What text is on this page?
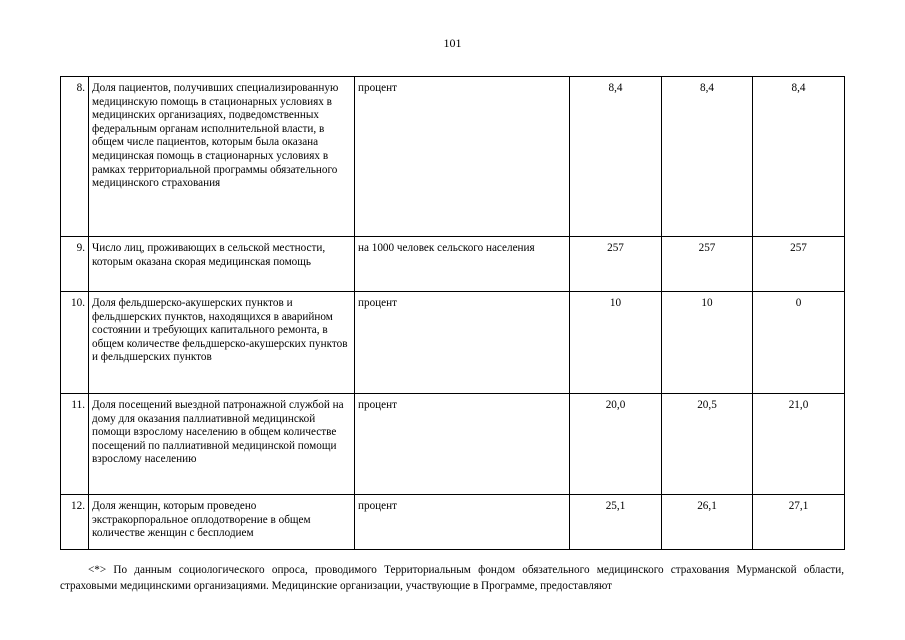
101
8.	Доля пациентов, получивших специализированную медицинскую помощь в стационарных условиях в медицинских организациях, подведомственных федеральным органам исполнительной власти, в общем числе пациентов, которым была оказана медицинская помощь в стационарных условиях в рамках территориальной программы обязательного медицинского страхования	процент	8,4	8,4	8,4
9.	Число лиц, проживающих в сельской местности, которым оказана скорая медицинская помощь	на 1000 человек сельского населения	257	257	257
10.	Доля фельдшерско-акушерских пунктов и фельдшерских пунктов, находящихся в аварийном состоянии и требующих капитального ремонта, в общем количестве фельдшерско-акушерских пунктов и фельдшерских пунктов	процент	10	10	0
11.	Доля посещений выездной патронажной службой на дому для оказания паллиативной медицинской помощи взрослому населению в общем количестве посещений по паллиативной медицинской помощи взрослому населению	процент	20,0	20,5	21,0
12.	Доля женщин, которым проведено экстракорпоральное оплодотворение в общем количестве женщин с бесплодием	процент	25,1	26,1	27,1
<*> По данным социологического опроса, проводимого Территориальным фондом обязательного медицинского страхования Мурманской области, страховыми медицинскими организациями. Медицинские организации, участвующие в Программе, предоставляют
